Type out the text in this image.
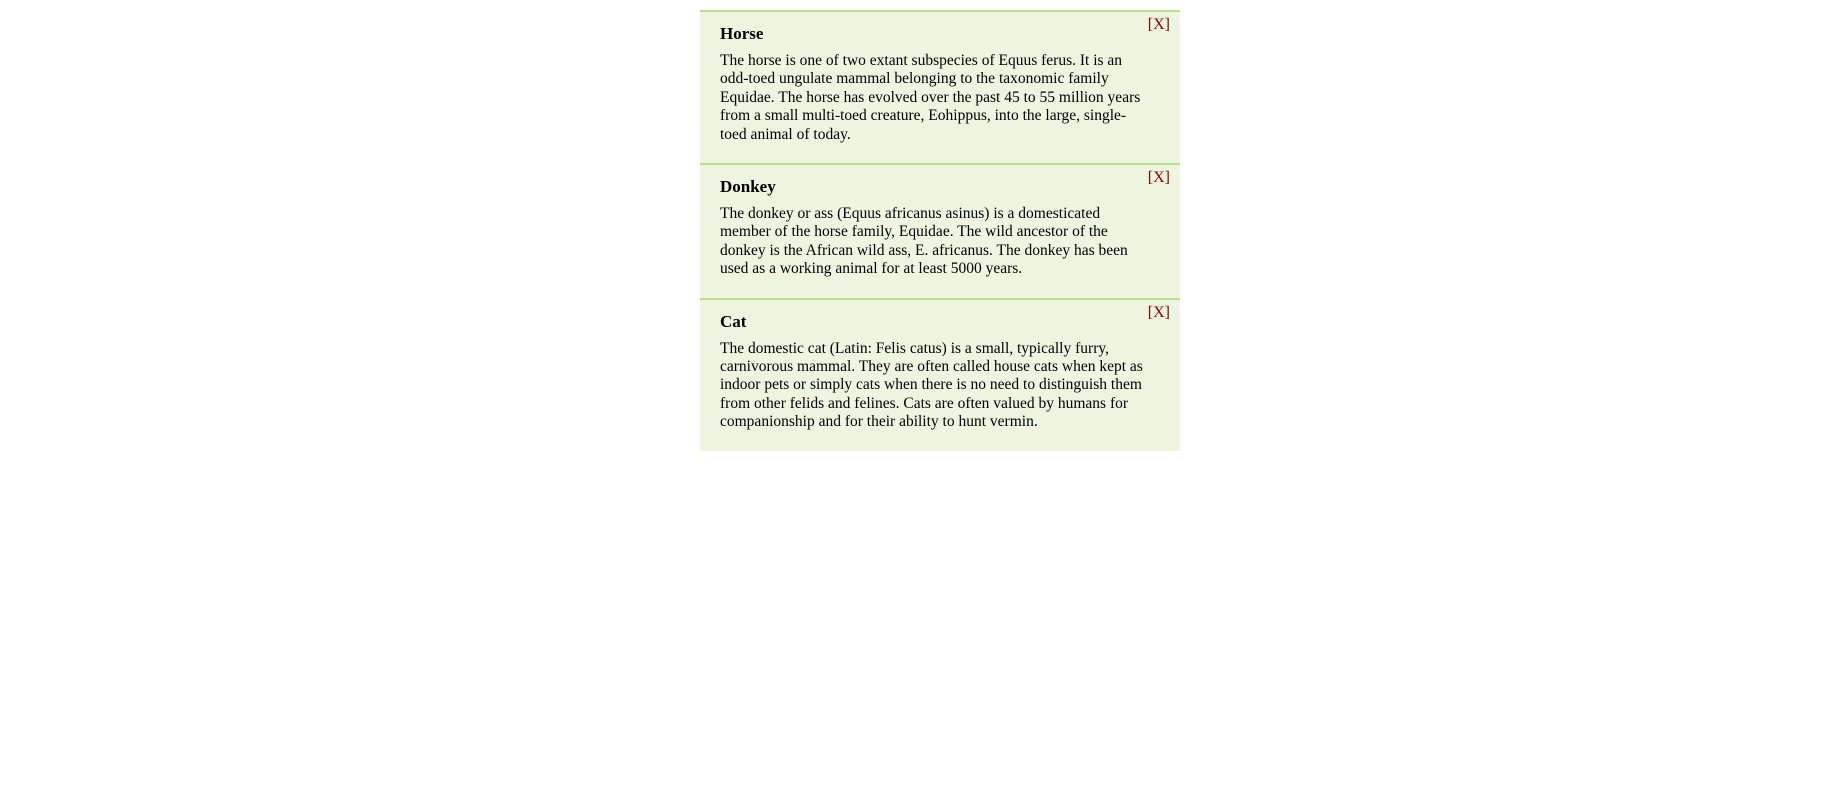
[X]
Horse

The horse is one of two extant subspecies of Equus ferus. It is an odd-toed ungulate mammal belonging to the taxonomic family Equidae. The horse has evolved over the past 45 to 55 million years from a small multi-toed creature, Eohippus, into the large, single-toed animal of today.

[X]
Donkey

The donkey or ass (Equus africanus asinus) is a domesticated member of the horse family, Equidae. The wild ancestor of the donkey is the African wild ass, E. africanus. The donkey has been used as a working animal for at least 5000 years.

[X]
Cat

The domestic cat (Latin: Felis catus) is a small, typically furry, carnivorous mammal. They are often called house cats when kept as indoor pets or simply cats when there is no need to distinguish them from other felids and felines. Cats are often valued by humans for companionship and for their ability to hunt vermin.
